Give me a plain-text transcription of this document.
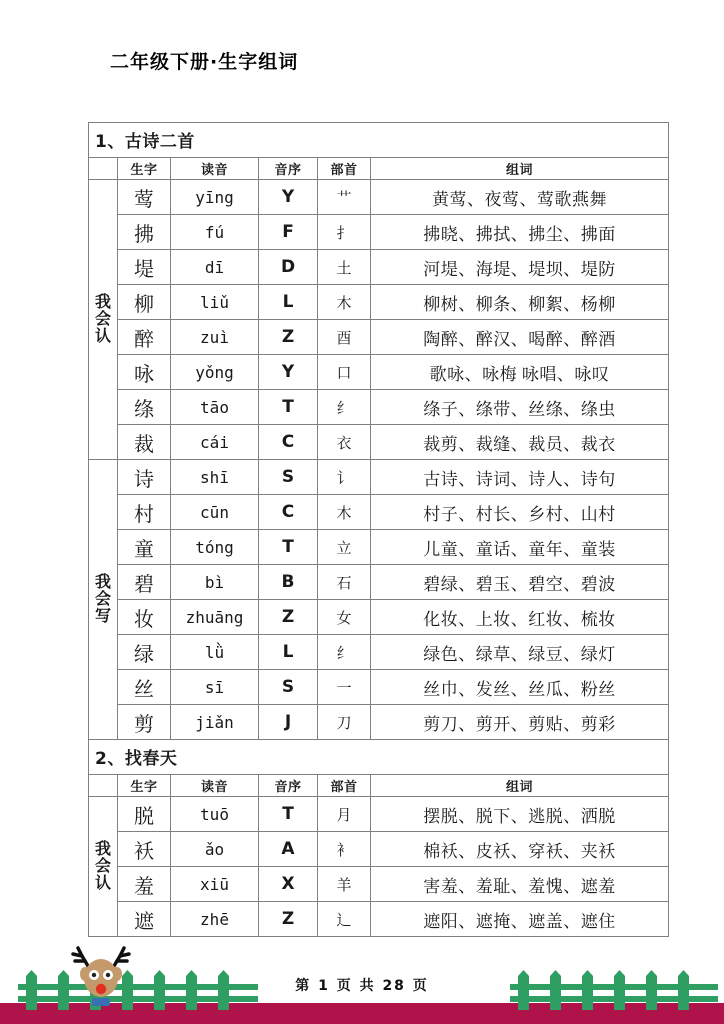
二年级下册·生字组词
1、古诗二首					
	生字	读音	音序	部首	组词

我
会
认	莺	yīng	Y	艹	黄莺、夜莺、莺歌燕舞
	拂	fú	F	扌	拂晓、拂拭、拂尘、拂面
	堤	dī	D	土	河堤、海堤、堤坝、堤防
	柳	liǔ	L	木	柳树、柳条、柳絮、杨柳
	醉	zuì	Z	酉	陶醉、醉汉、喝醉、醉酒
	咏	yǒng	Y	口	歌咏、咏梅 咏唱、咏叹
	绦	tāo	T	纟	绦子、绦带、丝绦、绦虫
	裁	cái	C	衣	裁剪、裁缝、裁员、裁衣

我
会
写	诗	shī	S	讠	古诗、诗词、诗人、诗句
	村	cūn	C	木	村子、村长、乡村、山村
	童	tóng	T	立	儿童、童话、童年、童装
	碧	bì	B	石	碧绿、碧玉、碧空、碧波
	妆	zhuāng	Z	女	化妆、上妆、红妆、梳妆
	绿	lǜ	L	纟	绿色、绿草、绿豆、绿灯
	丝	sī	S	一	丝巾、发丝、丝瓜、粉丝
	剪	jiǎn	J	刀	剪刀、剪开、剪贴、剪彩
2、找春天					
	生字	读音	音序	部首	组词

我
会
认	脱	tuō	T	月	摆脱、脱下、逃脱、洒脱
	袄	ǎo	A	衤	棉袄、皮袄、穿袄、夹袄
	羞	xiū	X	羊	害羞、羞耻、羞愧、遮羞
	遮	zhē	Z	辶	遮阳、遮掩、遮盖、遮住
第 1 页 共 28 页
